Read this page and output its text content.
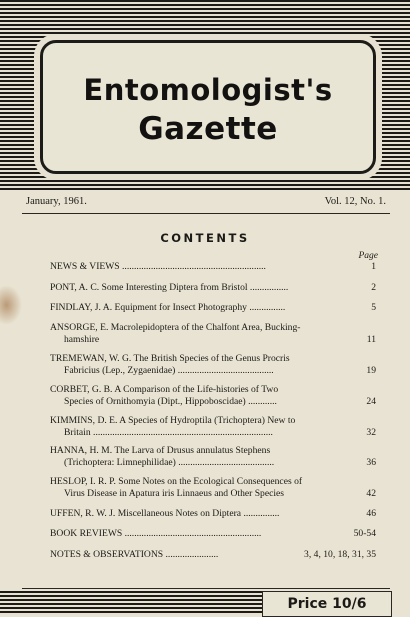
Entomologist's
Gazette
January, 1961.	Vol. 12, No. 1.
CONTENTS
Page
NEWS & VIEWS ............................................................	1
PONT, A. C. Some Interesting Diptera from Bristol ................	2
FINDLAY, J. A. Equipment for Insect Photography ...............	5
ANSORGE, E. Macrolepidoptera of the Chalfont Area, Bucking-
hamshire	11
TREMEWAN, W. G. The British Species of the Genus Procris
Fabricius (Lep., Zygaenidae) ........................................	19
CORBET, G. B. A Comparison of the Life-histories of Two
Species of Ornithomyia (Dipt., Hippoboscidae) ............	24
KIMMINS, D. E. A Species of Hydroptila (Trichoptera) New to
Britain ...........................................................................	32
HANNA, H. M. The Larva of Drusus annulatus Stephens
(Trichoptera: Limnephilidae) ........................................	36
HESLOP, I. R. P. Some Notes on the Ecological Consequences of
Virus Disease in Apatura iris Linnaeus and Other Species	42
UFFEN, R. W. J. Miscellaneous Notes on Diptera ...............	46
BOOK REVIEWS .........................................................	50-54
NOTES & OBSERVATIONS ......................	3, 4, 10, 18, 31, 35
Price 10/6
